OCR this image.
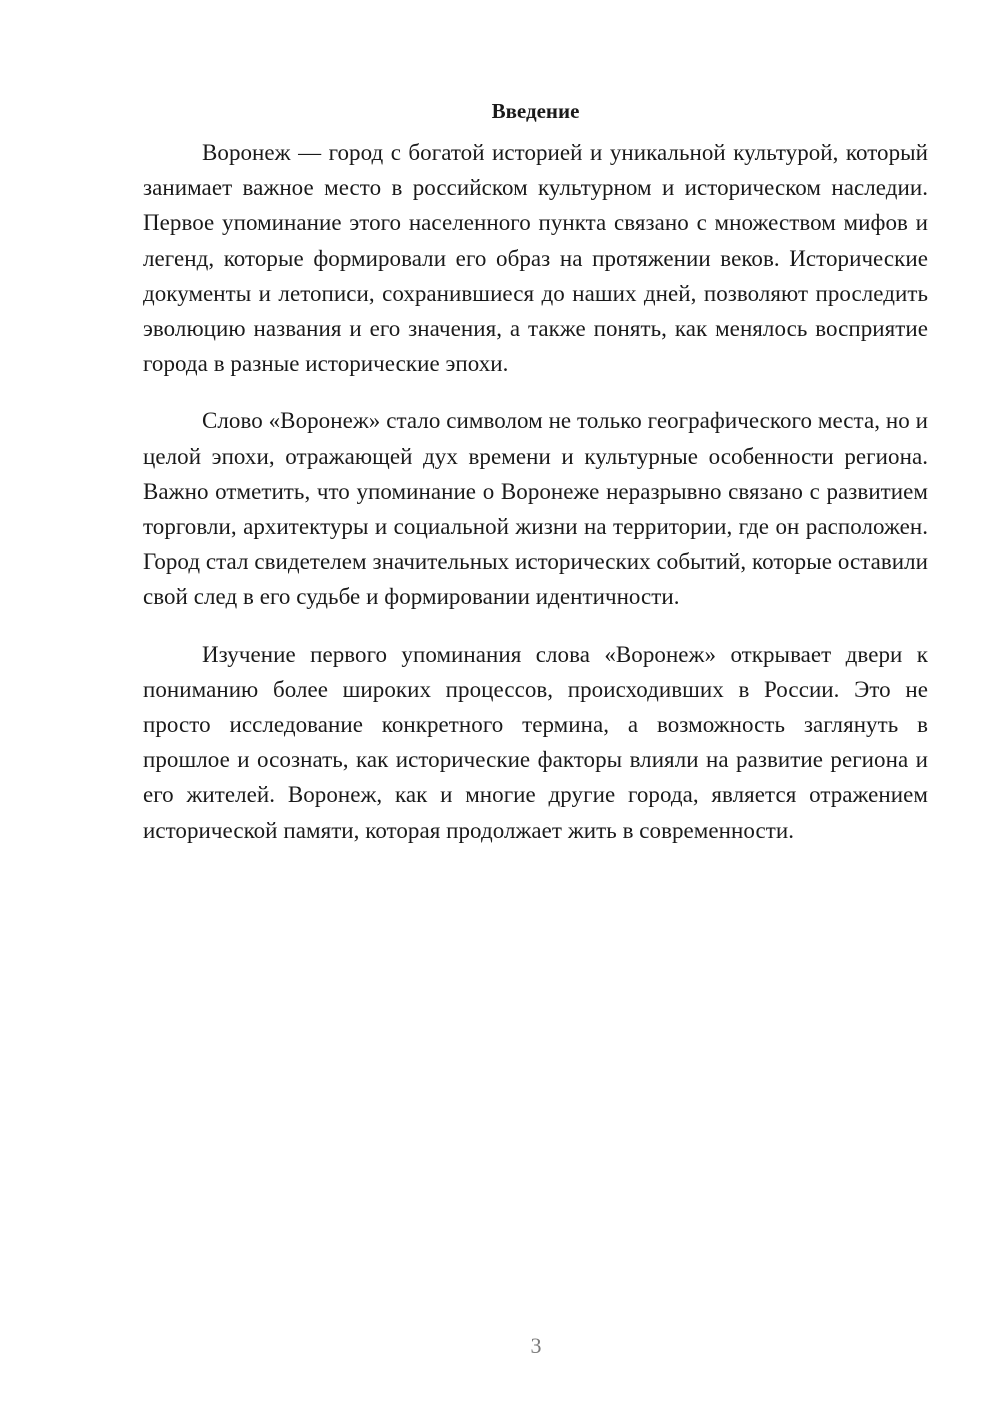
Введение

Воронеж — город с богатой историей и уникальной культурой, который занимает важное место в российском культурном и историческом наследии. Первое упоминание этого населенного пункта связано с множеством мифов и легенд, которые формировали его образ на протяжении веков. Исторические документы и летописи, сохранившиеся до наших дней, позволяют проследить эволюцию названия и его значения, а также понять, как менялось восприятие города в разные исторические эпохи.

Слово «Воронеж» стало символом не только географического места, но и целой эпохи, отражающей дух времени и культурные особенности региона. Важно отметить, что упоминание о Воронеже неразрывно связано с развитием торговли, архитектуры и социальной жизни на территории, где он расположен. Город стал свидетелем значительных исторических событий, которые оставили свой след в его судьбе и формировании идентичности.

Изучение первого упоминания слова «Воронеж» открывает двери к пониманию более широких процессов, происходивших в России. Это не просто исследование конкретного термина, а возможность заглянуть в прошлое и осознать, как исторические факторы влияли на развитие региона и его жителей. Воронеж, как и многие другие города, является отражением исторической памяти, которая продолжает жить в современности.

3
